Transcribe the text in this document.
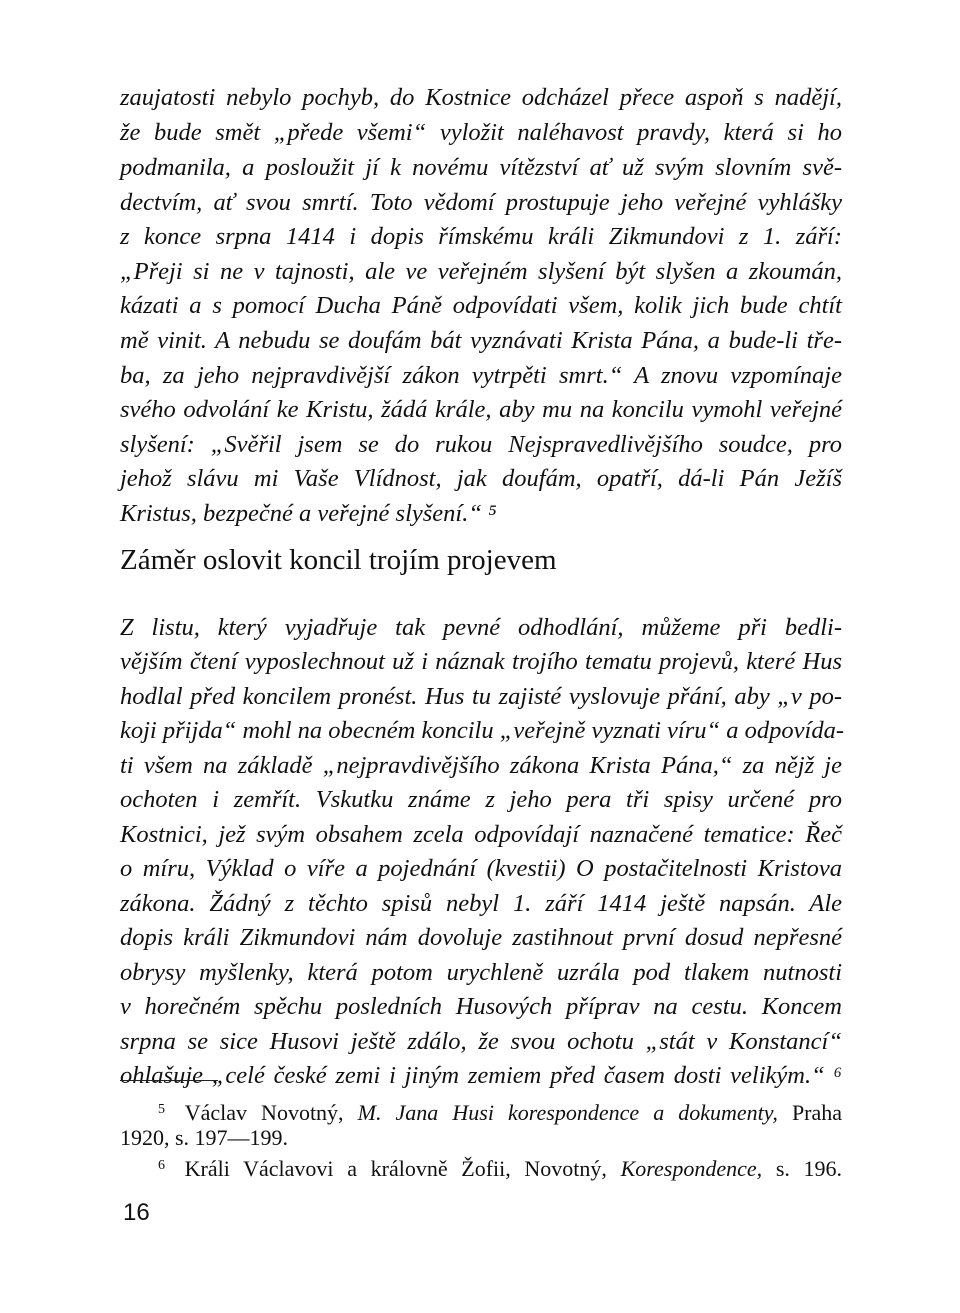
zaujatosti nebylo pochyb, do Kostnice odcházel přece aspoň s nadějí,
že bude smět „přede všemi“ vyložit naléhavost pravdy, která si ho
podmanila, a posloužit jí k novému vítězství ať už svým slovním svě-
dectvím, ať svou smrtí. Toto vědomí prostupuje jeho veřejné vyhlášky
z konce srpna 1414 i dopis římskému králi Zikmundovi z 1. září:
„Přeji si ne v tajnosti, ale ve veřejném slyšení být slyšen a zkoumán,
kázati a s pomocí Ducha Páně odpovídati všem, kolik jich bude chtít
mě vinit. A nebudu se doufám bát vyznávati Krista Pána, a bude-li tře-
ba, za jeho nejpravdivější zákon vytrpěti smrt.“ A znovu vzpomínaje
svého odvolání ke Kristu, žádá krále, aby mu na koncilu vymohl veřejné
slyšení: „Svěřil jsem se do rukou Nejspravedlivějšího soudce, pro
jehož slávu mi Vaše Vlídnost, jak doufám, opatří, dá-li Pán Ježíš
Kristus, bezpečné a veřejné slyšení.“ ⁵
Záměr oslovit koncil trojím projevem
Z listu, který vyjadřuje tak pevné odhodlání, můžeme při bedli-
vějším čtení vyposlechnout už i náznak trojího tematu projevů, které Hus
hodlal před koncilem pronést. Hus tu zajisté vyslovuje přání, aby „v po-
koji přijda“ mohl na obecném koncilu „veřejně vyznati víru“ a odpovída-
ti všem na základě „nejpravdivějšího zákona Krista Pána,“ za nějž je
ochoten i zemřít. Vskutku známe z jeho pera tři spisy určené pro
Kostnici, jež svým obsahem zcela odpovídají naznačené tematice: Řeč
o míru, Výklad o víře a pojednání (kvestii) O postačitelnosti Kristova
zákona. Žádný z těchto spisů nebyl 1. září 1414 ještě napsán. Ale
dopis králi Zikmundovi nám dovoluje zastihnout první dosud nepřesné
obrysy myšlenky, která potom urychleně uzrála pod tlakem nutnosti
v horečném spěchu posledních Husových příprav na cestu. Koncem
srpna se sice Husovi ještě zdálo, že svou ochotu „stát v Konstancí“
ohlašuje „celé české zemi i jiným zemiem před časem dosti velikým.“ ⁶
$^5$ Václav Novotný, M. Jana Husi korespondence a dokumenty, Praha
1920, s. 197—199.
$^6$ Králi Václavovi a královně Žofii, Novotný, Korespondence, s. 196.
16
